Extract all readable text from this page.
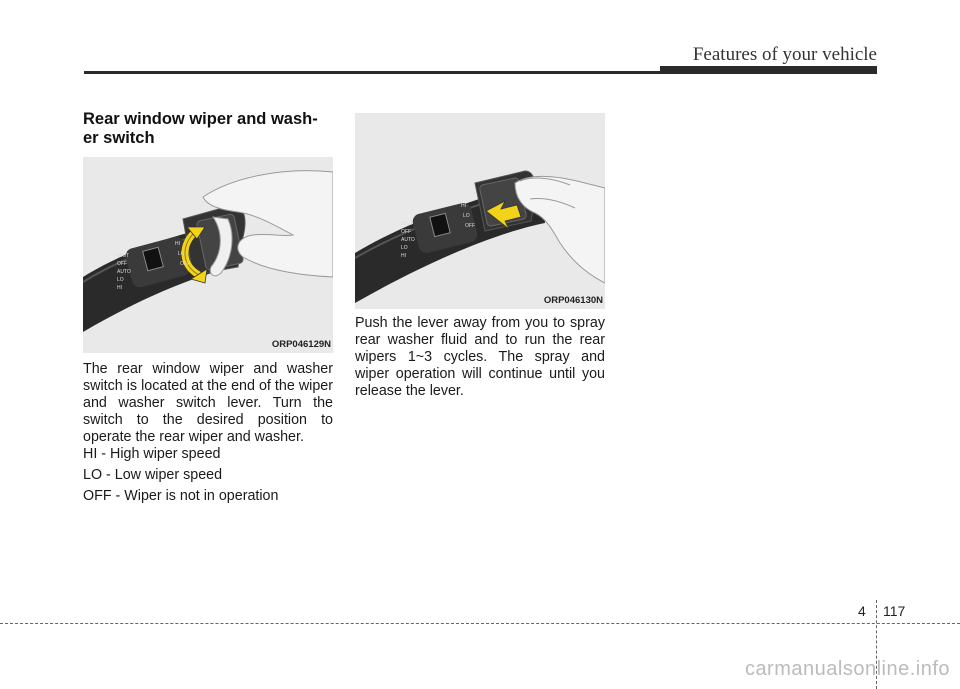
Features of your vehicle
Rear window wiper and wash-
er switch
MIST
OFF
AUTO
LO
HI
HI
LO
OFF
ORP046129N
MIST
OFF
AUTO
LO
HI
HI
LO
OFF
ORP046130N
The rear window wiper and washer switch is located at the end of the wiper and washer switch lever. Turn the switch to the desired position to operate the rear wiper and washer.
HI - High wiper speed
LO - Low wiper speed
OFF - Wiper is not in operation
Push the lever away from you to spray rear washer fluid and to run the rear wipers 1~3 cycles. The spray and wiper operation will continue until you release the lever.
4 117
carmanualsonline.info
